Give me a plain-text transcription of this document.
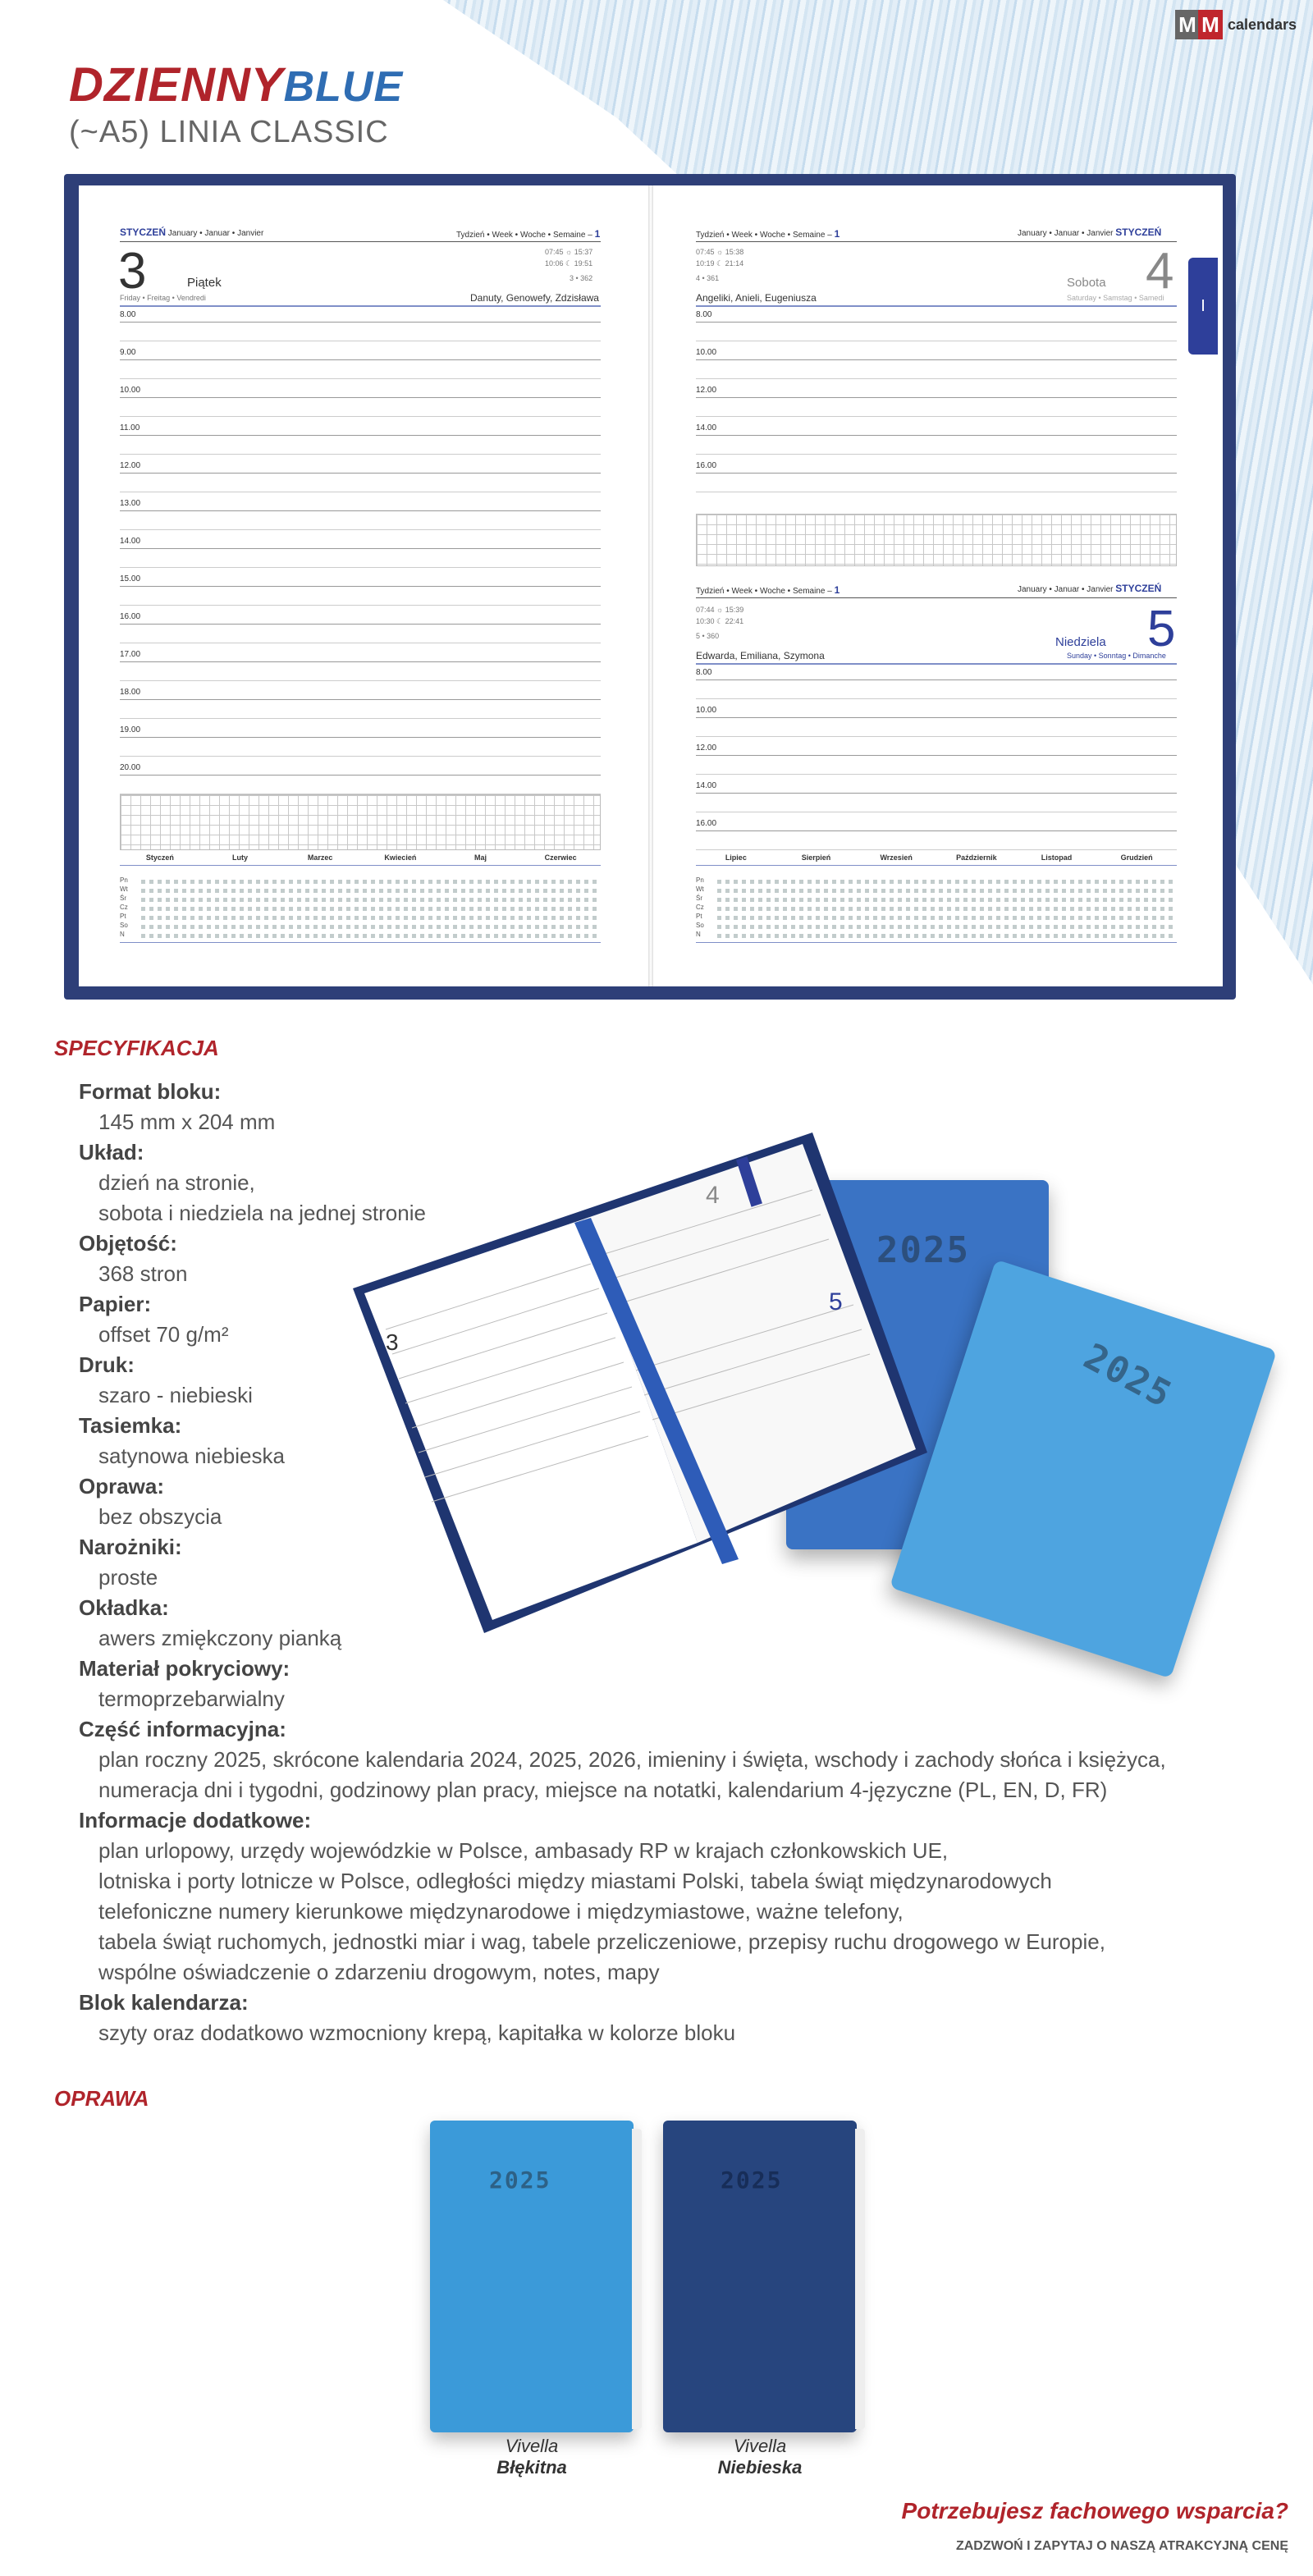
DZIENNYBLUE
(~A5) LINIA CLASSIC
M M calendars
I
STYCZEŃ January • Januar • Janvier	Tydzień • Week • Woche • Semaine – 1
3	Piątek
Friday • Freitag • Vendredi
07:45 ☼ 15:37
10:06 ☾ 19:51
3 • 362
Danuty, Genowefy, Zdzisława
8.00
9.00
10.00
11.00
12.00
13.00
14.00
15.00
16.00
17.00
18.00
19.00
20.00
Styczeń	Luty	Marzec	Kwiecień	Maj	Czerwiec
Pn
Wt
Śr
Cz
Pt
So
N
Tydzień • Week • Woche • Semaine – 1	January • Januar • Janvier STYCZEŃ
07:45 ☼ 15:38
10:19 ☾ 21:14
4 • 361	4
Sobota
Saturday • Samstag • Samedi
Angeliki, Anieli, Eugeniusza
8.00
10.00
12.00
14.00
16.00
Tydzień • Week • Woche • Semaine – 1	January • Januar • Janvier STYCZEŃ
07:44 ☼ 15:39
10:30 ☾ 22:41
5 • 360	5
Niedziela
Sunday • Sonntag • Dimanche
Edwarda, Emiliana, Szymona
8.00
10.00
12.00
14.00
16.00
Lipiec	Sierpień	Wrzesień	Październik	Listopad	Grudzień
Pn
Wt
Śr
Cz
Pt
So
N
SPECYFIKACJA
Format bloku:
145 mm x 204 mm
Układ:
dzień na stronie,
sobota i niedziela na jednej stronie
Objętość:
368 stron
Papier:
offset 70 g/m²
Druk:
szaro - niebieski
Tasiemka:
satynowa niebieska
Oprawa:
bez obszycia
Narożniki:
proste
Okładka:
awers zmiękczony pianką
Materiał pokryciowy:
termoprzebarwialny
Część informacyjna:
plan roczny 2025, skrócone kalendaria 2024, 2025, 2026, imieniny i święta, wschody i zachody słońca i księżyca,
numeracja dni i tygodni, godzinowy plan pracy, miejsce na notatki, kalendarium 4-języczne (PL, EN, D, FR)
Informacje dodatkowe:
plan urlopowy, urzędy wojewódzkie w Polsce, ambasady RP w krajach członkowskich UE,
lotniska i porty lotnicze w Polsce, odległości między miastami Polski, tabela świąt międzynarodowych
telefoniczne numery kierunkowe międzynarodowe i międzymiastowe, ważne telefony,
tabela świąt ruchomych, jednostki miar i wag, tabele przeliczeniowe, przepisy ruchu drogowego w Europie,
wspólne oświadczenie o zdarzeniu drogowym, notes, mapy
Blok kalendarza:
szyty oraz dodatkowo wzmocniony krepą, kapitałka w kolorze bloku
2025
2025
3
4
5
OPRAWA
2025	2025
Vivella
Błękitna
Vivella
Niebieska
Potrzebujesz fachowego wsparcia?
ZADZWOŃ I ZAPYTAJ O NASZĄ ATRAKCYJNĄ CENĘ
